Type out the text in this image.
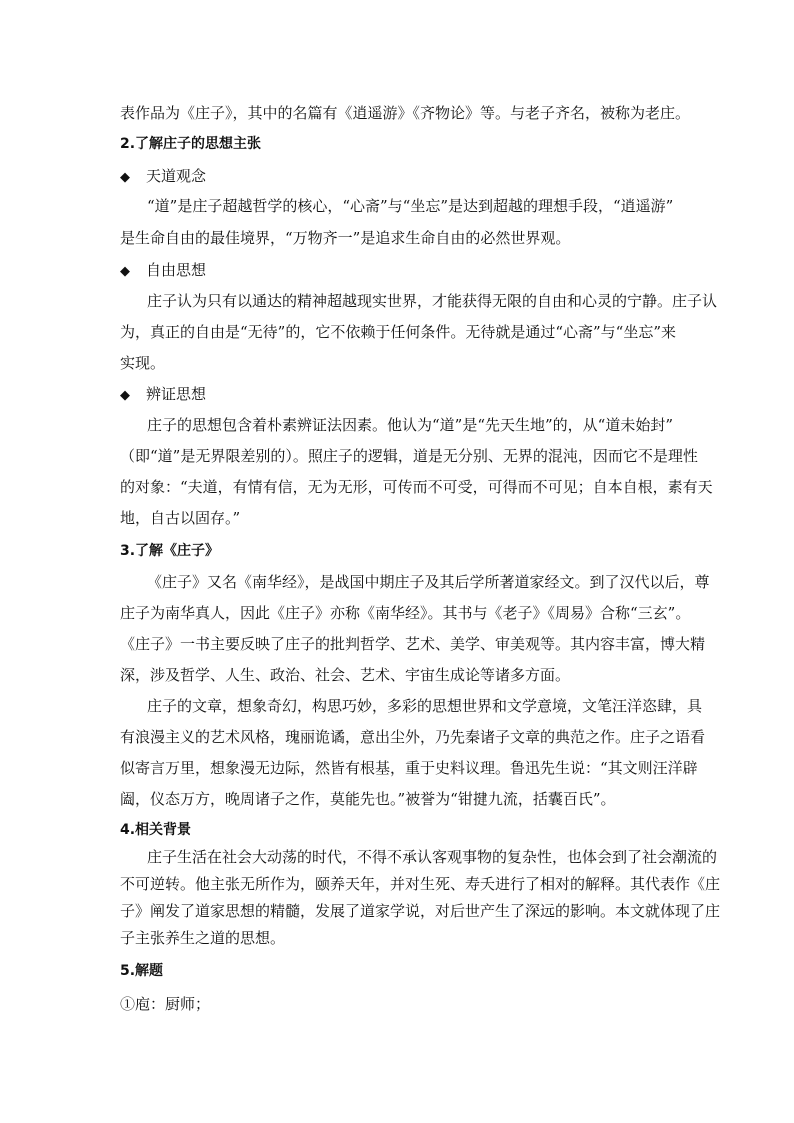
表作品为《庄子》，其中的名篇有《逍遥游》《齐物论》等。与老子齐名，被称为老庄。
2.了解庄子的思想主张
◆ 天道观念
“道”是庄子超越哲学的核心，“心斋”与“坐忘”是达到超越的理想手段，“逍遥游”
是生命自由的最佳境界，“万物齐一”是追求生命自由的必然世界观。
◆ 自由思想
庄子认为只有以通达的精神超越现实世界，才能获得无限的自由和心灵的宁静。庄子认
为，真正的自由是“无待”的，它不依赖于任何条件。无待就是通过“心斋”与“坐忘”来
实现。
◆ 辨证思想
庄子的思想包含着朴素辨证法因素。他认为“道”是“先天生地”的，从“道未始封”
（即“道”是无界限差别的）。照庄子的逻辑，道是无分别、无界的混沌，因而它不是理性
的对象：“夫道，有情有信，无为无形，可传而不可受，可得而不可见；自本自根，素有天
地，自古以固存。”
3.了解《庄子》
《庄子》又名《南华经》，是战国中期庄子及其后学所著道家经文。到了汉代以后，尊
庄子为南华真人，因此《庄子》亦称《南华经》。其书与《老子》《周易》合称“三玄”。
《庄子》一书主要反映了庄子的批判哲学、艺术、美学、审美观等。其内容丰富，博大精
深，涉及哲学、人生、政治、社会、艺术、宇宙生成论等诸多方面。
庄子的文章，想象奇幻，构思巧妙，多彩的思想世界和文学意境，文笔汪洋恣肆，具
有浪漫主义的艺术风格，瑰丽诡谲，意出尘外，乃先秦诸子文章的典范之作。庄子之语看
似寄言万里，想象漫无边际，然皆有根基，重于史料议理。鲁迅先生说：“其文则汪洋辟
阖，仪态万方，晚周诸子之作，莫能先也。”被誉为“钳揵九流，括囊百氏”。
4.相关背景
庄子生活在社会大动荡的时代，不得不承认客观事物的复杂性，也体会到了社会潮流的
不可逆转。他主张无所作为，颐养天年，并对生死、寿夭进行了相对的解释。其代表作《庄
子》阐发了道家思想的精髓，发展了道家学说，对后世产生了深远的影响。本文就体现了庄
子主张养生之道的思想。
5.解题
①庖：厨师；
